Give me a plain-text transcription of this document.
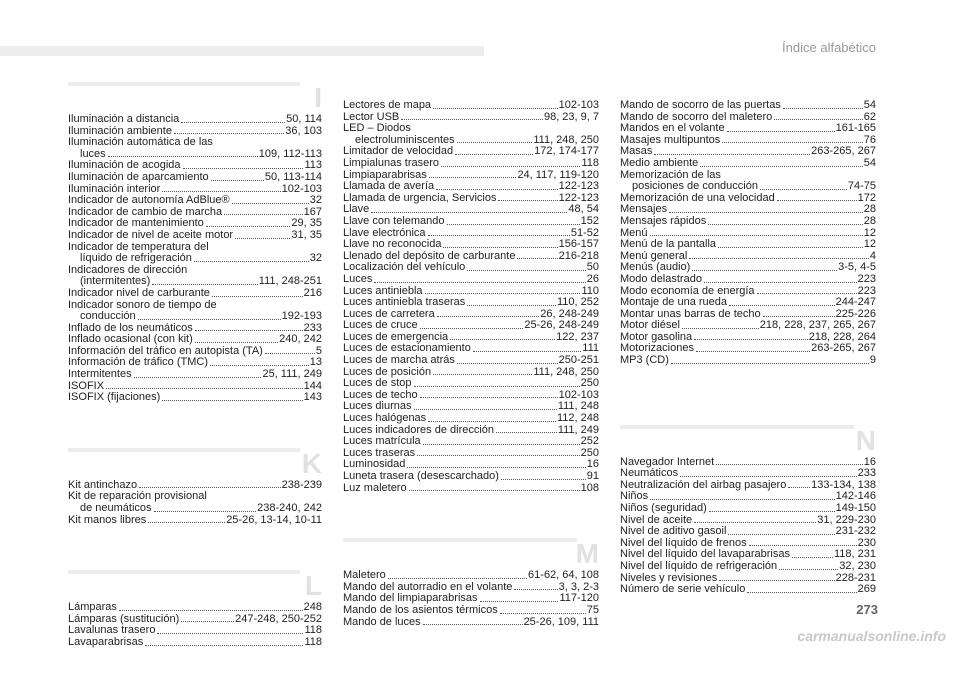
Índice alfabético
I
Iluminación a distancia	50, 114
Iluminación ambiente	36, 103
Iluminación automática de las
luces	109, 112-113
Iluminación de acogida	113
Iluminación de aparcamiento	50, 113-114
Iluminación interior	102-103
Indicador de autonomía AdBlue®	32
Indicador de cambio de marcha	167
Indicador de mantenimiento	29, 35
Indicador de nivel de aceite motor	31, 35
Indicador de temperatura del
líquido de refrigeración	32
Indicadores de dirección
(intermitentes)	111, 248-251
Indicador nivel de carburante	216
Indicador sonoro de tiempo de
conducción	192-193
Inflado de los neumáticos	233
Inflado ocasional (con kit)	240, 242
Información del tráfico en autopista (TA)	5
Información de tráfico (TMC)	13
Intermitentes	25, 111, 249
ISOFIX	144
ISOFIX (fijaciones)	143
K
Kit antinchazo	238-239
Kit de reparación provisional
de neumáticos	238-240, 242
Kit manos libres	25-26, 13-14, 10-11
L
Lámparas	248
Lámparas (sustitución)	247-248, 250-252
Lavalunas trasero	118
Lavaparabrisas	118
Lectores de mapa	102-103
Lector USB	98, 23, 9, 7
LED – Diodos
electroluminiscentes	111, 248, 250
Limitador de velocidad	172, 174-177
Limpialunas trasero	118
Limpiaparabrisas	24, 117, 119-120
Llamada de avería	122-123
Llamada de urgencia, Servicios	122-123
Llave	48, 54
Llave con telemando	152
Llave electrónica	51-52
Llave no reconocida	156-157
Llenado del depósito de carburante	216-218
Localización del vehículo	50
Luces	26
Luces antiniebla	110
Luces antiniebla traseras	110, 252
Luces de carretera	26, 248-249
Luces de cruce	25-26, 248-249
Luces de emergencia	122, 237
Luces de estacionamiento	111
Luces de marcha atrás	250-251
Luces de posición	111, 248, 250
Luces de stop	250
Luces de techo	102-103
Luces diurnas	111, 248
Luces halógenas	112, 248
Luces indicadores de dirección	111, 249
Luces matrícula	252
Luces traseras	250
Luminosidad	16
Luneta trasera (desescarchado)	91
Luz maletero	108
M
Maletero	61-62, 64, 108
Mando del autorradio en el volante	3, 3, 2-3
Mando del limpiaparabrisas	117-120
Mando de los asientos térmicos	75
Mando de luces	25-26, 109, 111
Mando de socorro de las puertas	54
Mando de socorro del maletero	62
Mandos en el volante	161-165
Masajes multipuntos	76
Masas	263-265, 267
Medio ambiente	54
Memorización de las
posiciones de conducción	74-75
Memorización de una velocidad	172
Mensajes	28
Mensajes rápidos	28
Menú	12
Menú de la pantalla	12
Menú general	4
Menús (audio)	3-5, 4-5
Modo delastrado	223
Modo economía de energía	223
Montaje de una rueda	244-247
Montar unas barras de techo	225-226
Motor diésel	218, 228, 237, 265, 267
Motor gasolina	218, 228, 264
Motorizaciones	263-265, 267
MP3 (CD)	9
N
Navegador Internet	16
Neumáticos	233
Neutralización del airbag pasajero 133-134, 138
Niños	142-146
Niños (seguridad)	149-150
Nivel de aceite	31, 229-230
Nivel de aditivo gasoil	231-232
Nivel del líquido de frenos	230
Nivel del líquido del lavaparabrisas	118, 231
Nivel del líquido de refrigeración	32, 230
Niveles y revisiones	228-231
Número de serie vehículo	269
273
carmanualsonline.info
